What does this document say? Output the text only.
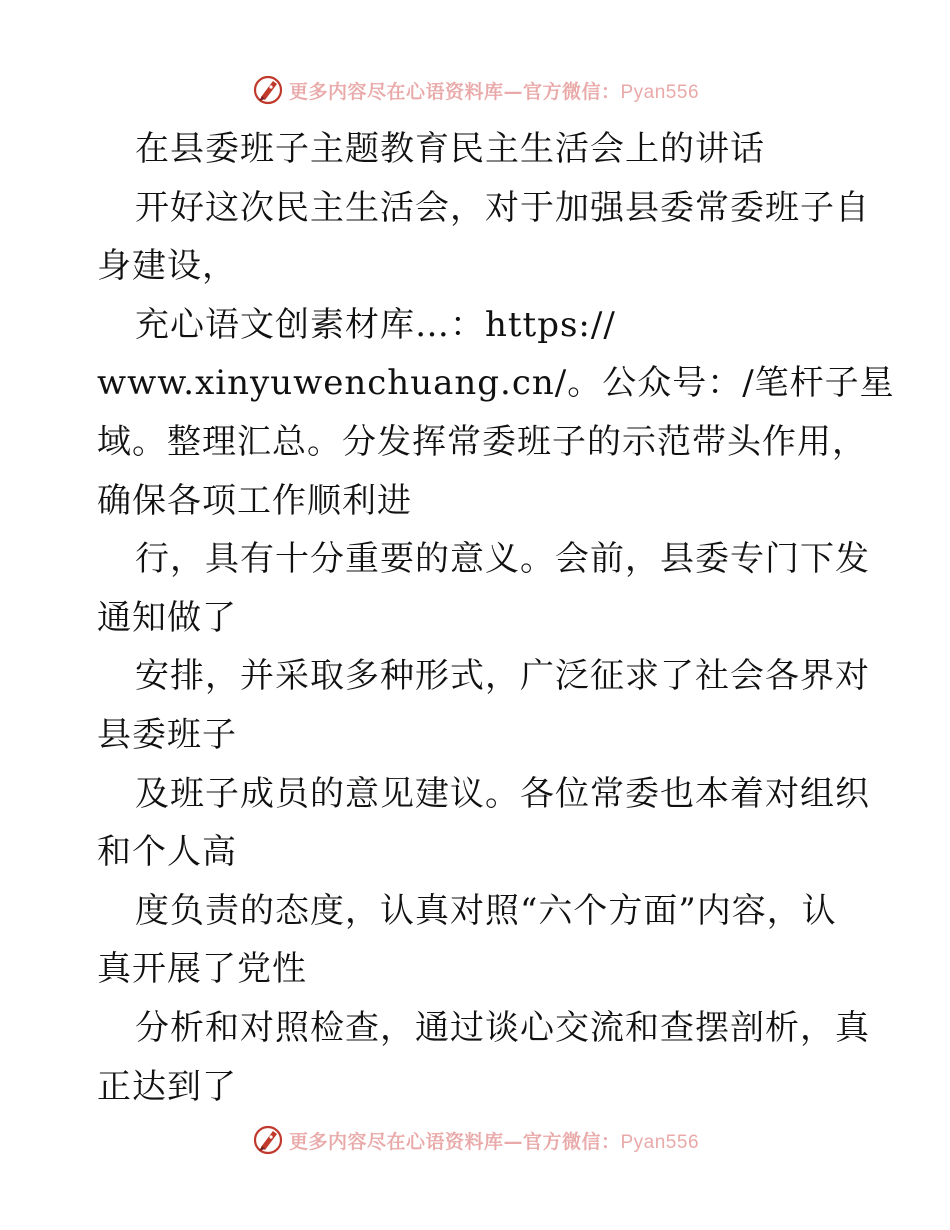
更多内容尽在心语资料库—官方微信：Pyan556
在县委班子主题教育民主生活会上的讲话
开好这次民主生活会，对于加强县委常委班子自
身建设，
充心语文创素材库…：https://
www.xinyuwenchuang.cn/。公众号：/笔杆子星
域。整理汇总。分发挥常委班子的示范带头作用，
确保各项工作顺利进
行，具有十分重要的意义。会前，县委专门下发
通知做了
安排，并采取多种形式，广泛征求了社会各界对
县委班子
及班子成员的意见建议。各位常委也本着对组织
和个人高
度负责的态度，认真对照“六个方面”内容，认
真开展了党性
分析和对照检查，通过谈心交流和查摆剖析，真
正达到了
更多内容尽在心语资料库—官方微信：Pyan556
